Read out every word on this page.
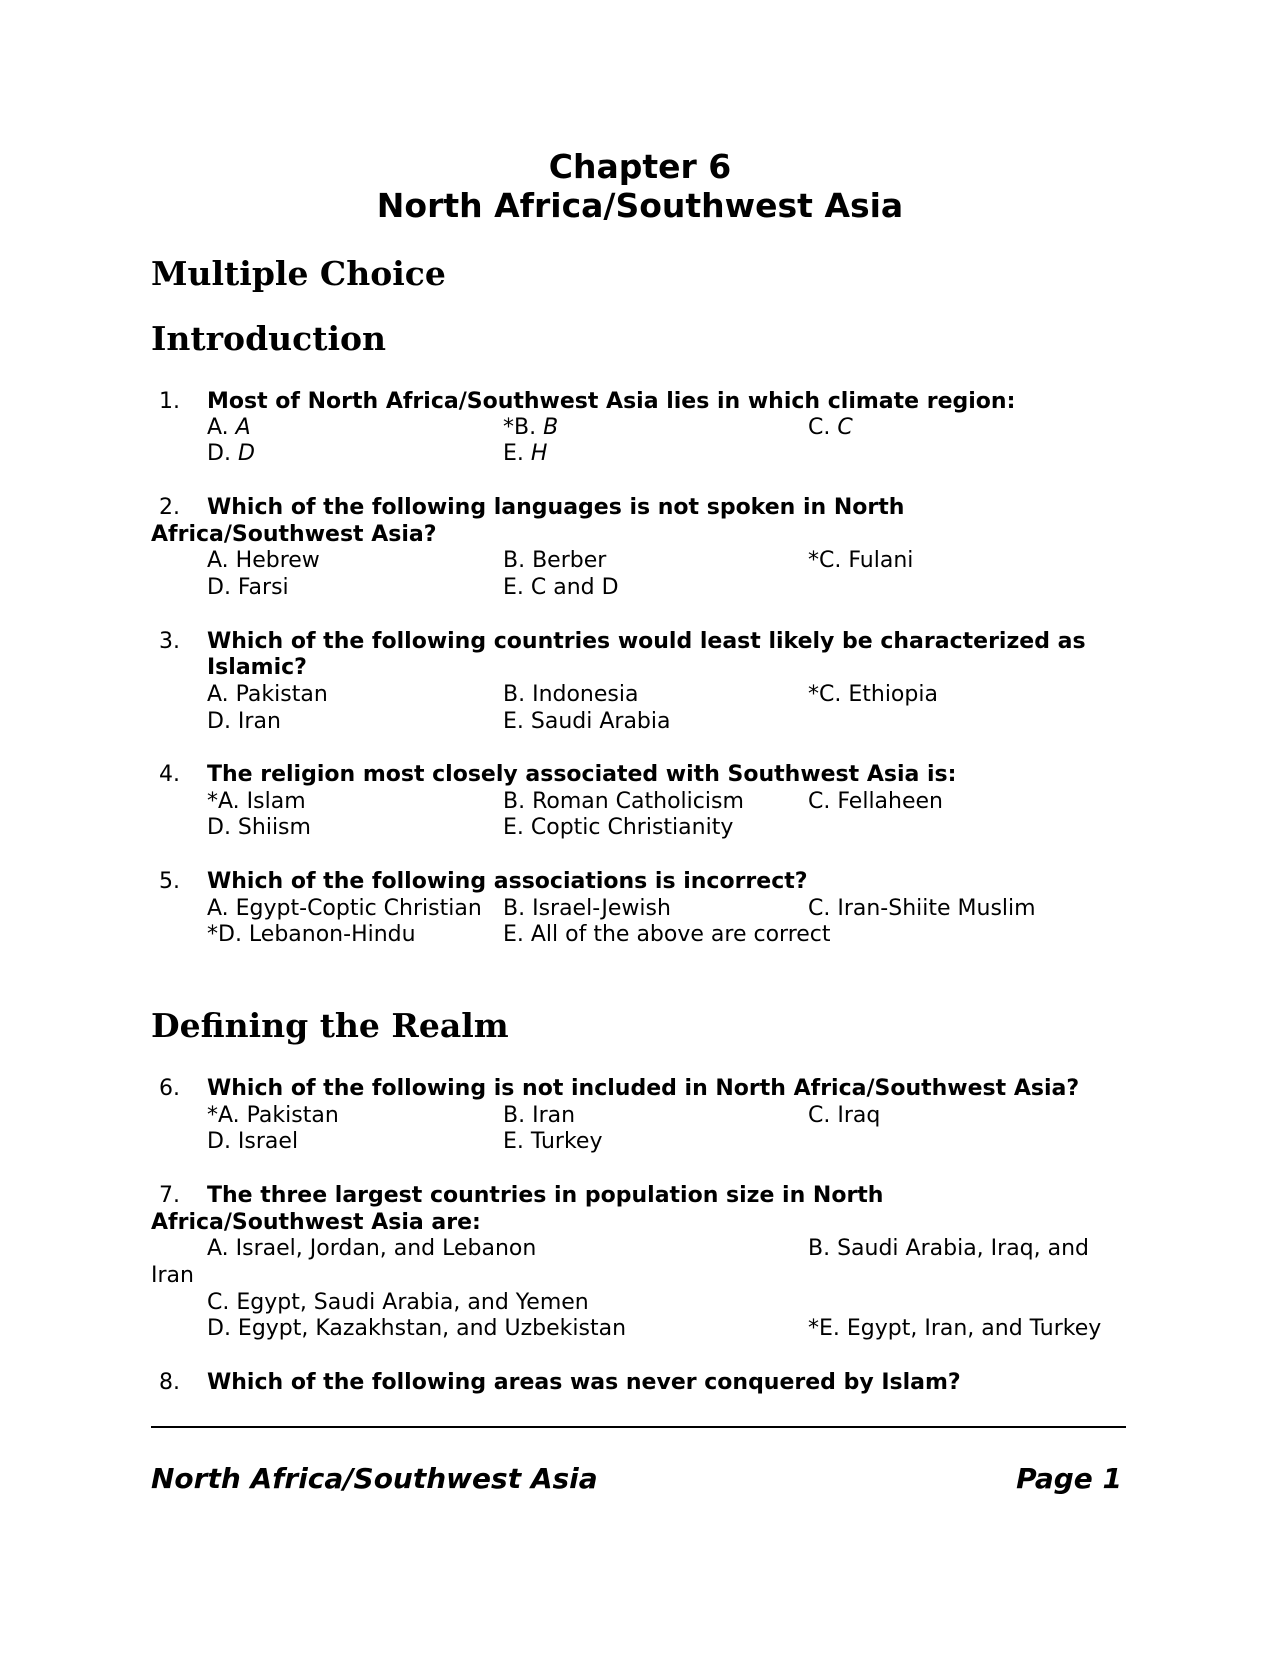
Chapter 6
North Africa/Southwest Asia
Multiple Choice
Introduction
1. Most of North Africa/Southwest Asia lies in which climate region:
A. A	*B. B	C. C
D. D	E. H
2. Which of the following languages is not spoken in North
Africa/Southwest Asia?
A. Hebrew	B. Berber	*C. Fulani
D. Farsi	E. C and D
3. Which of the following countries would least likely be characterized as
Islamic?
A. Pakistan	B. Indonesia	*C. Ethiopia
D. Iran	E. Saudi Arabia
4. The religion most closely associated with Southwest Asia is:
*A. Islam	B. Roman Catholicism	C. Fellaheen
D. Shiism	E. Coptic Christianity
5. Which of the following associations is incorrect?
A. Egypt-Coptic Christian B. Israel-Jewish	C. Iran-Shiite Muslim
*D. Lebanon-Hindu	E. All of the above are correct
Defining the Realm
6. Which of the following is not included in North Africa/Southwest Asia?
*A. Pakistan	B. Iran	C. Iraq
D. Israel	E. Turkey
7. The three largest countries in population size in North
Africa/Southwest Asia are:
A. Israel, Jordan, and Lebanon	B. Saudi Arabia, Iraq, and
Iran
C. Egypt, Saudi Arabia, and Yemen
D. Egypt, Kazakhstan, and Uzbekistan	*E. Egypt, Iran, and Turkey
8. Which of the following areas was never conquered by Islam?
North Africa/Southwest Asia	Page 1
